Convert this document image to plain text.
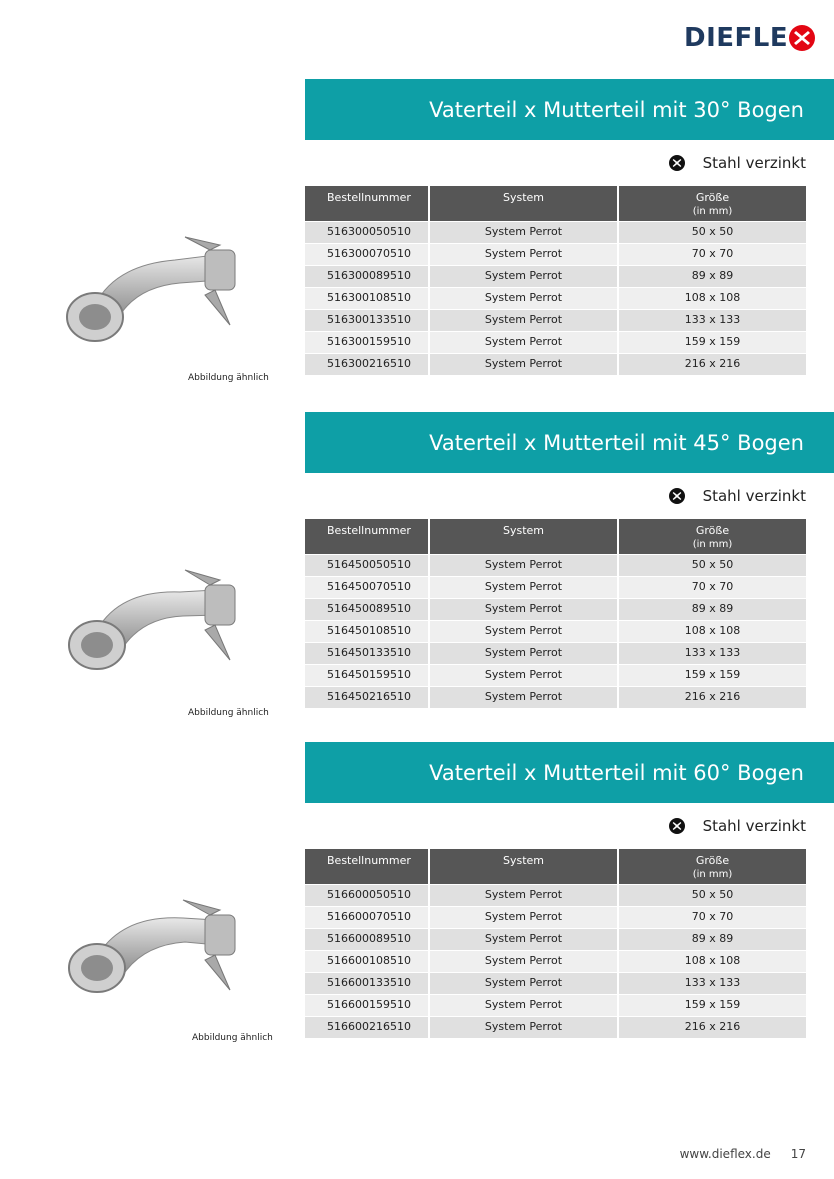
DIEFLE
Vaterteil x Mutterteil mit 30° Bogen
Stahl verzinkt
Bestellnummer	System	Größe
(in mm)
516300050510	System Perrot	50 x 50
516300070510	System Perrot	70 x 70
516300089510	System Perrot	89 x 89
516300108510	System Perrot	108 x 108
516300133510	System Perrot	133 x 133
516300159510	System Perrot	159 x 159
516300216510	System Perrot	216 x 216
Abbildung ähnlich
Vaterteil x Mutterteil mit 45° Bogen
Stahl verzinkt
Bestellnummer	System	Größe
(in mm)
516450050510	System Perrot	50 x 50
516450070510	System Perrot	70 x 70
516450089510	System Perrot	89 x 89
516450108510	System Perrot	108 x 108
516450133510	System Perrot	133 x 133
516450159510	System Perrot	159 x 159
516450216510	System Perrot	216 x 216
Abbildung ähnlich
Vaterteil x Mutterteil mit 60° Bogen
Stahl verzinkt
Bestellnummer	System	Größe
(in mm)
516600050510	System Perrot	50 x 50
516600070510	System Perrot	70 x 70
516600089510	System Perrot	89 x 89
516600108510	System Perrot	108 x 108
516600133510	System Perrot	133 x 133
516600159510	System Perrot	159 x 159
516600216510	System Perrot	216 x 216
Abbildung ähnlich
www.dieflex.de 17
